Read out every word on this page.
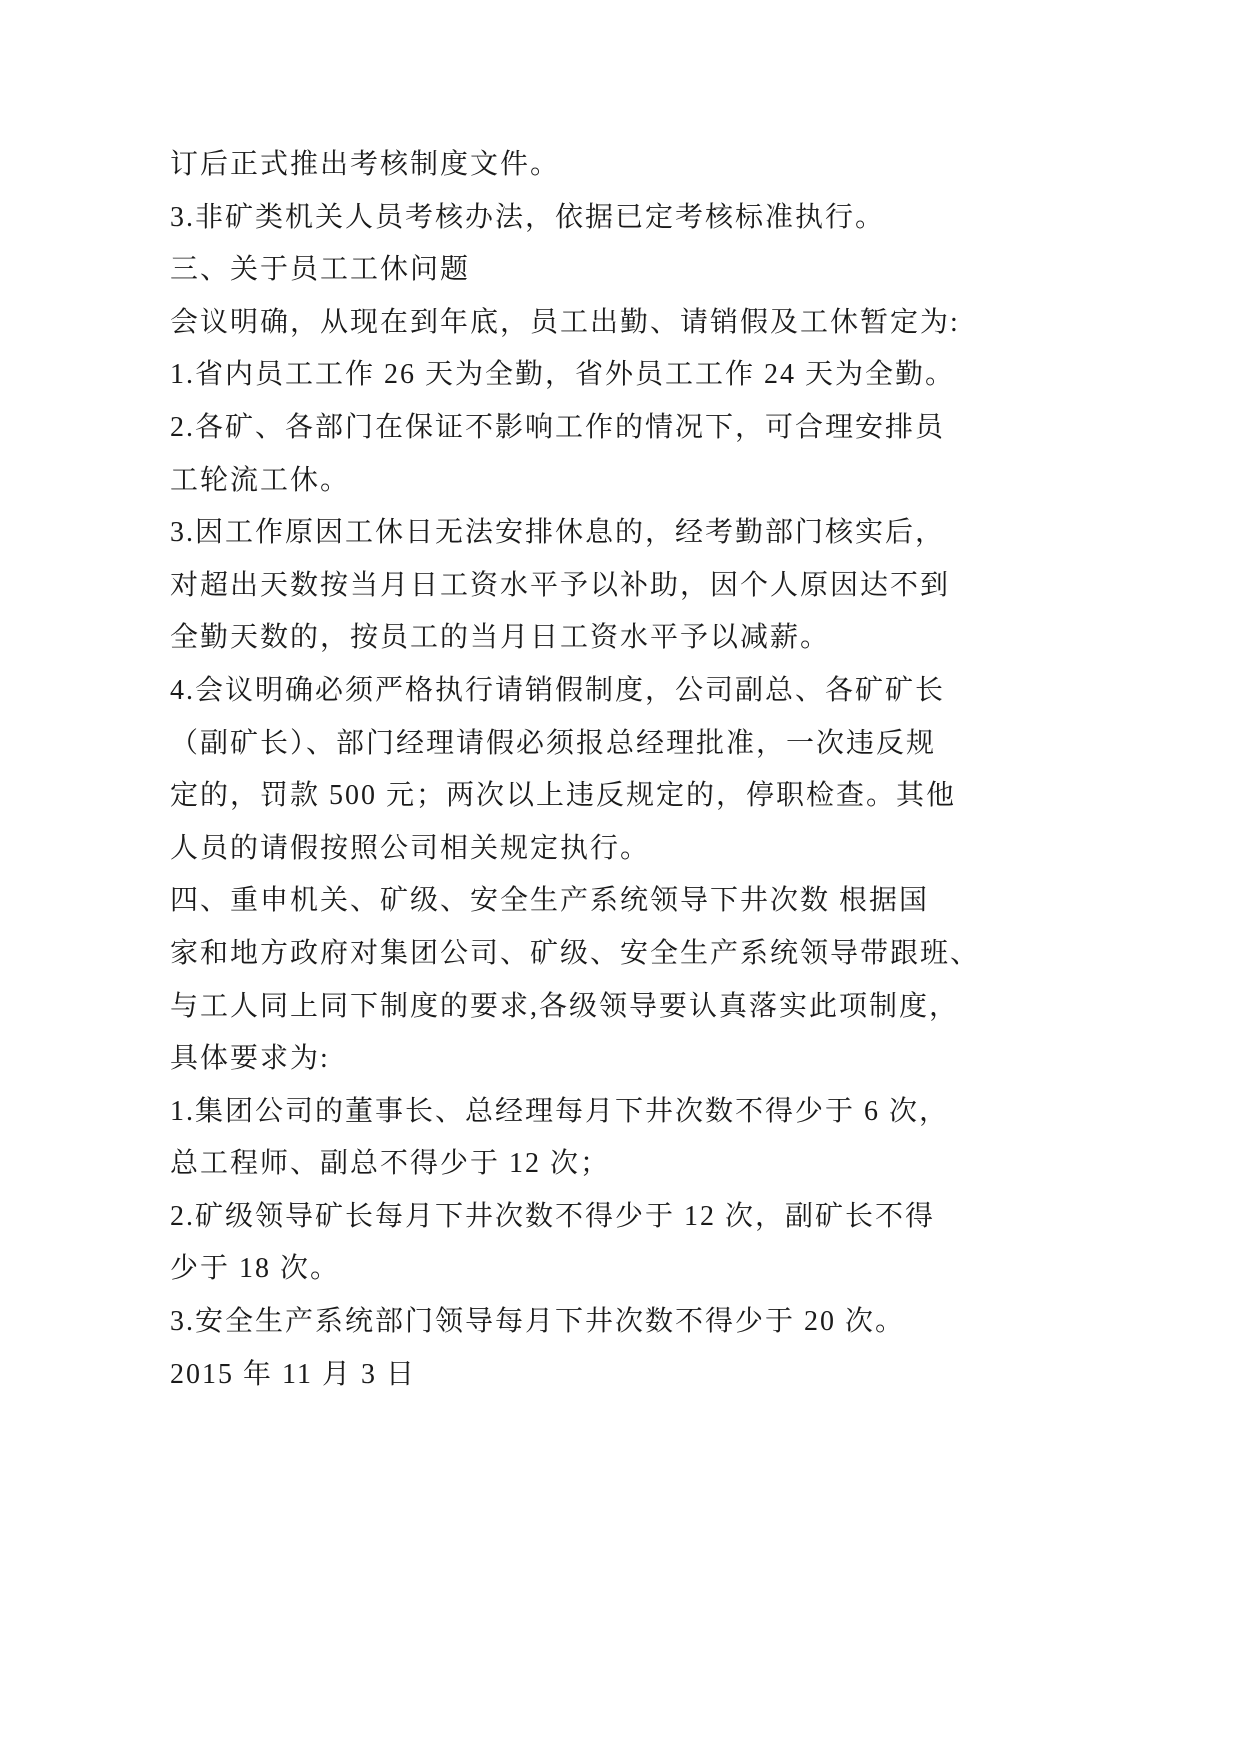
订后正式推出考核制度文件。
3.非矿类机关人员考核办法，依据已定考核标准执行。
三、关于员工工休问题
会议明确，从现在到年底，员工出勤、请销假及工休暂定为:
1.省内员工工作 26 天为全勤，省外员工工作 24 天为全勤。
2.各矿、各部门在保证不影响工作的情况下，可合理安排员
工轮流工休。
3.因工作原因工休日无法安排休息的，经考勤部门核实后，
对超出天数按当月日工资水平予以补助，因个人原因达不到
全勤天数的，按员工的当月日工资水平予以减薪。
4.会议明确必须严格执行请销假制度，公司副总、各矿矿长
（副矿长）、部门经理请假必须报总经理批准，一次违反规
定的，罚款 500 元；两次以上违反规定的，停职检查。其他
人员的请假按照公司相关规定执行。
四、重申机关、矿级、安全生产系统领导下井次数 根据国
家和地方政府对集团公司、矿级、安全生产系统领导带跟班、
与工人同上同下制度的要求,各级领导要认真落实此项制度，
具体要求为:
1.集团公司的董事长、总经理每月下井次数不得少于 6 次，
总工程师、副总不得少于 12 次；
2.矿级领导矿长每月下井次数不得少于 12 次，副矿长不得
少于 18 次。
3.安全生产系统部门领导每月下井次数不得少于 20 次。
2015 年 11 月 3 日
